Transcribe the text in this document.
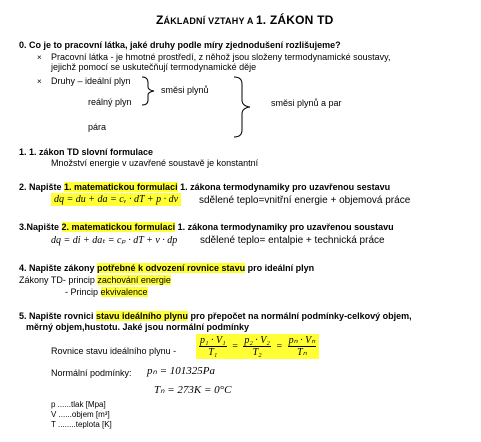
ZÁKLADNÍ VZTAHY A 1. ZÁKON TD
0. Co je to pracovní látka, jaké druhy podle míry zjednodušení rozlišujeme?
× Pracovní látka - je hmotné prostředí, z něhož jsou složeny termodynamické soustavy,
jejichž pomocí se uskutečňují termodynamické děje
× Druhy – ideální plyn
reálný plyn
pára
směsi plynů
směsi plynů a par
1. 1. zákon TD slovní formulace
Množství energie v uzavřené soustavě je konstantní
2. Napište 1. matematickou formulaci 1. zákona termodynamiky pro uzavřenou sestavu
dq = du + da = cᵥ · dT + p · dv	sdělené teplo=vnitřní energie + objemová práce
3.Napište 2. matematickou formulaci 1. zákona termodynamiky pro uzavřenou soustavu
dq = di + daₜ = cₚ · dT + v · dp sdělené teplo= entalpie + technická práce
4. Napište zákony potřebné k odvození rovnice stavu pro ideální plyn
Zákony TD- princip zachování energie
- Princip ekvivalence
5. Napište rovnici stavu ideálního plynu pro přepočet na normální podmínky-celkový objem,
měrný objem,hustotu. Jaké jsou normální podmínky
Rovnice stavu ideálního plynu - $\frac{\text{p₁ · V₁}}{\text{T₁}} = \frac{\text{p₂ · V₂}}{\text{T₂}} = \frac{\text{pₙ · Vₙ}}{\text{Tₙ}}$
Normální podmínky: pₙ = 101325Pa
Tₙ = 273K = 0°C
p ......tlak [Mpa]
V ......objem [m³]
T ........teplota [K]
